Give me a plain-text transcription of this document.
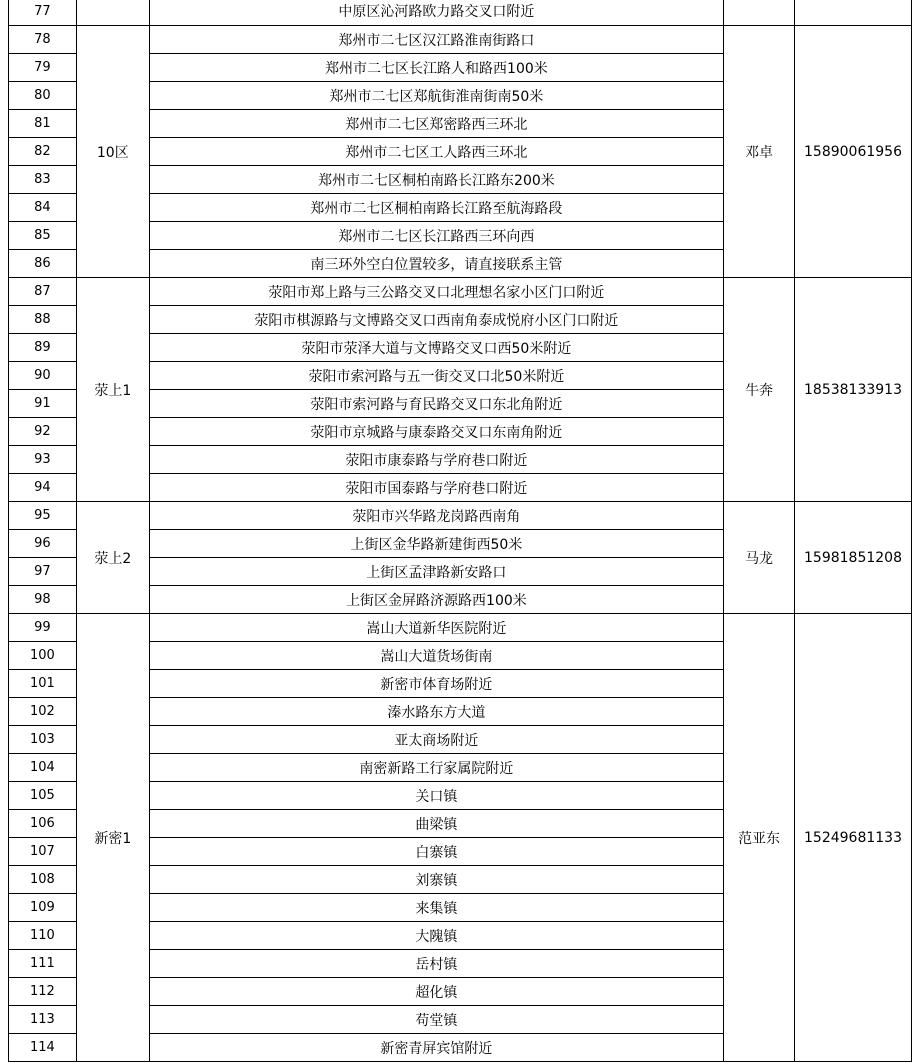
77		中原区沁河路欧力路交叉口附近		
78	10区	郑州市二七区汉江路淮南街路口	邓卓	15890061956
79		郑州市二七区长江路人和路西100米		
80		郑州市二七区郑航街淮南街南50米		
81		郑州市二七区郑密路西三环北		
82		郑州市二七区工人路西三环北		
83		郑州市二七区桐柏南路长江路东200米		
84		郑州市二七区桐柏南路长江路至航海路段		
85		郑州市二七区长江路西三环向西		
86		南三环外空白位置较多，请直接联系主管		
87	荥上1	荥阳市郑上路与三公路交叉口北理想名家小区门口附近	牛奔	18538133913
88		荥阳市棋源路与文博路交叉口西南角泰成悦府小区门口附近		
89		荥阳市荥泽大道与文博路交叉口西50米附近		
90		荥阳市索河路与五一街交叉口北50米附近		
91		荥阳市索河路与育民路交叉口东北角附近		
92		荥阳市京城路与康泰路交叉口东南角附近		
93		荥阳市康泰路与学府巷口附近		
94		荥阳市国泰路与学府巷口附近		
95	荥上2	荥阳市兴华路龙岗路西南角	马龙	15981851208
96		上街区金华路新建街西50米		
97		上街区孟津路新安路口		
98		上街区金屏路济源路西100米		
99	新密1	嵩山大道新华医院附近	范亚东	15249681133
100		嵩山大道货场街南		
101		新密市体育场附近		
102		溱水路东方大道		
103		亚太商场附近		
104		南密新路工行家属院附近		
105		关口镇		
106		曲梁镇		
107		白寨镇		
108		刘寨镇		
109		来集镇		
110		大隗镇		
111		岳村镇		
112		超化镇		
113		苟堂镇		
114		新密青屏宾馆附近		
